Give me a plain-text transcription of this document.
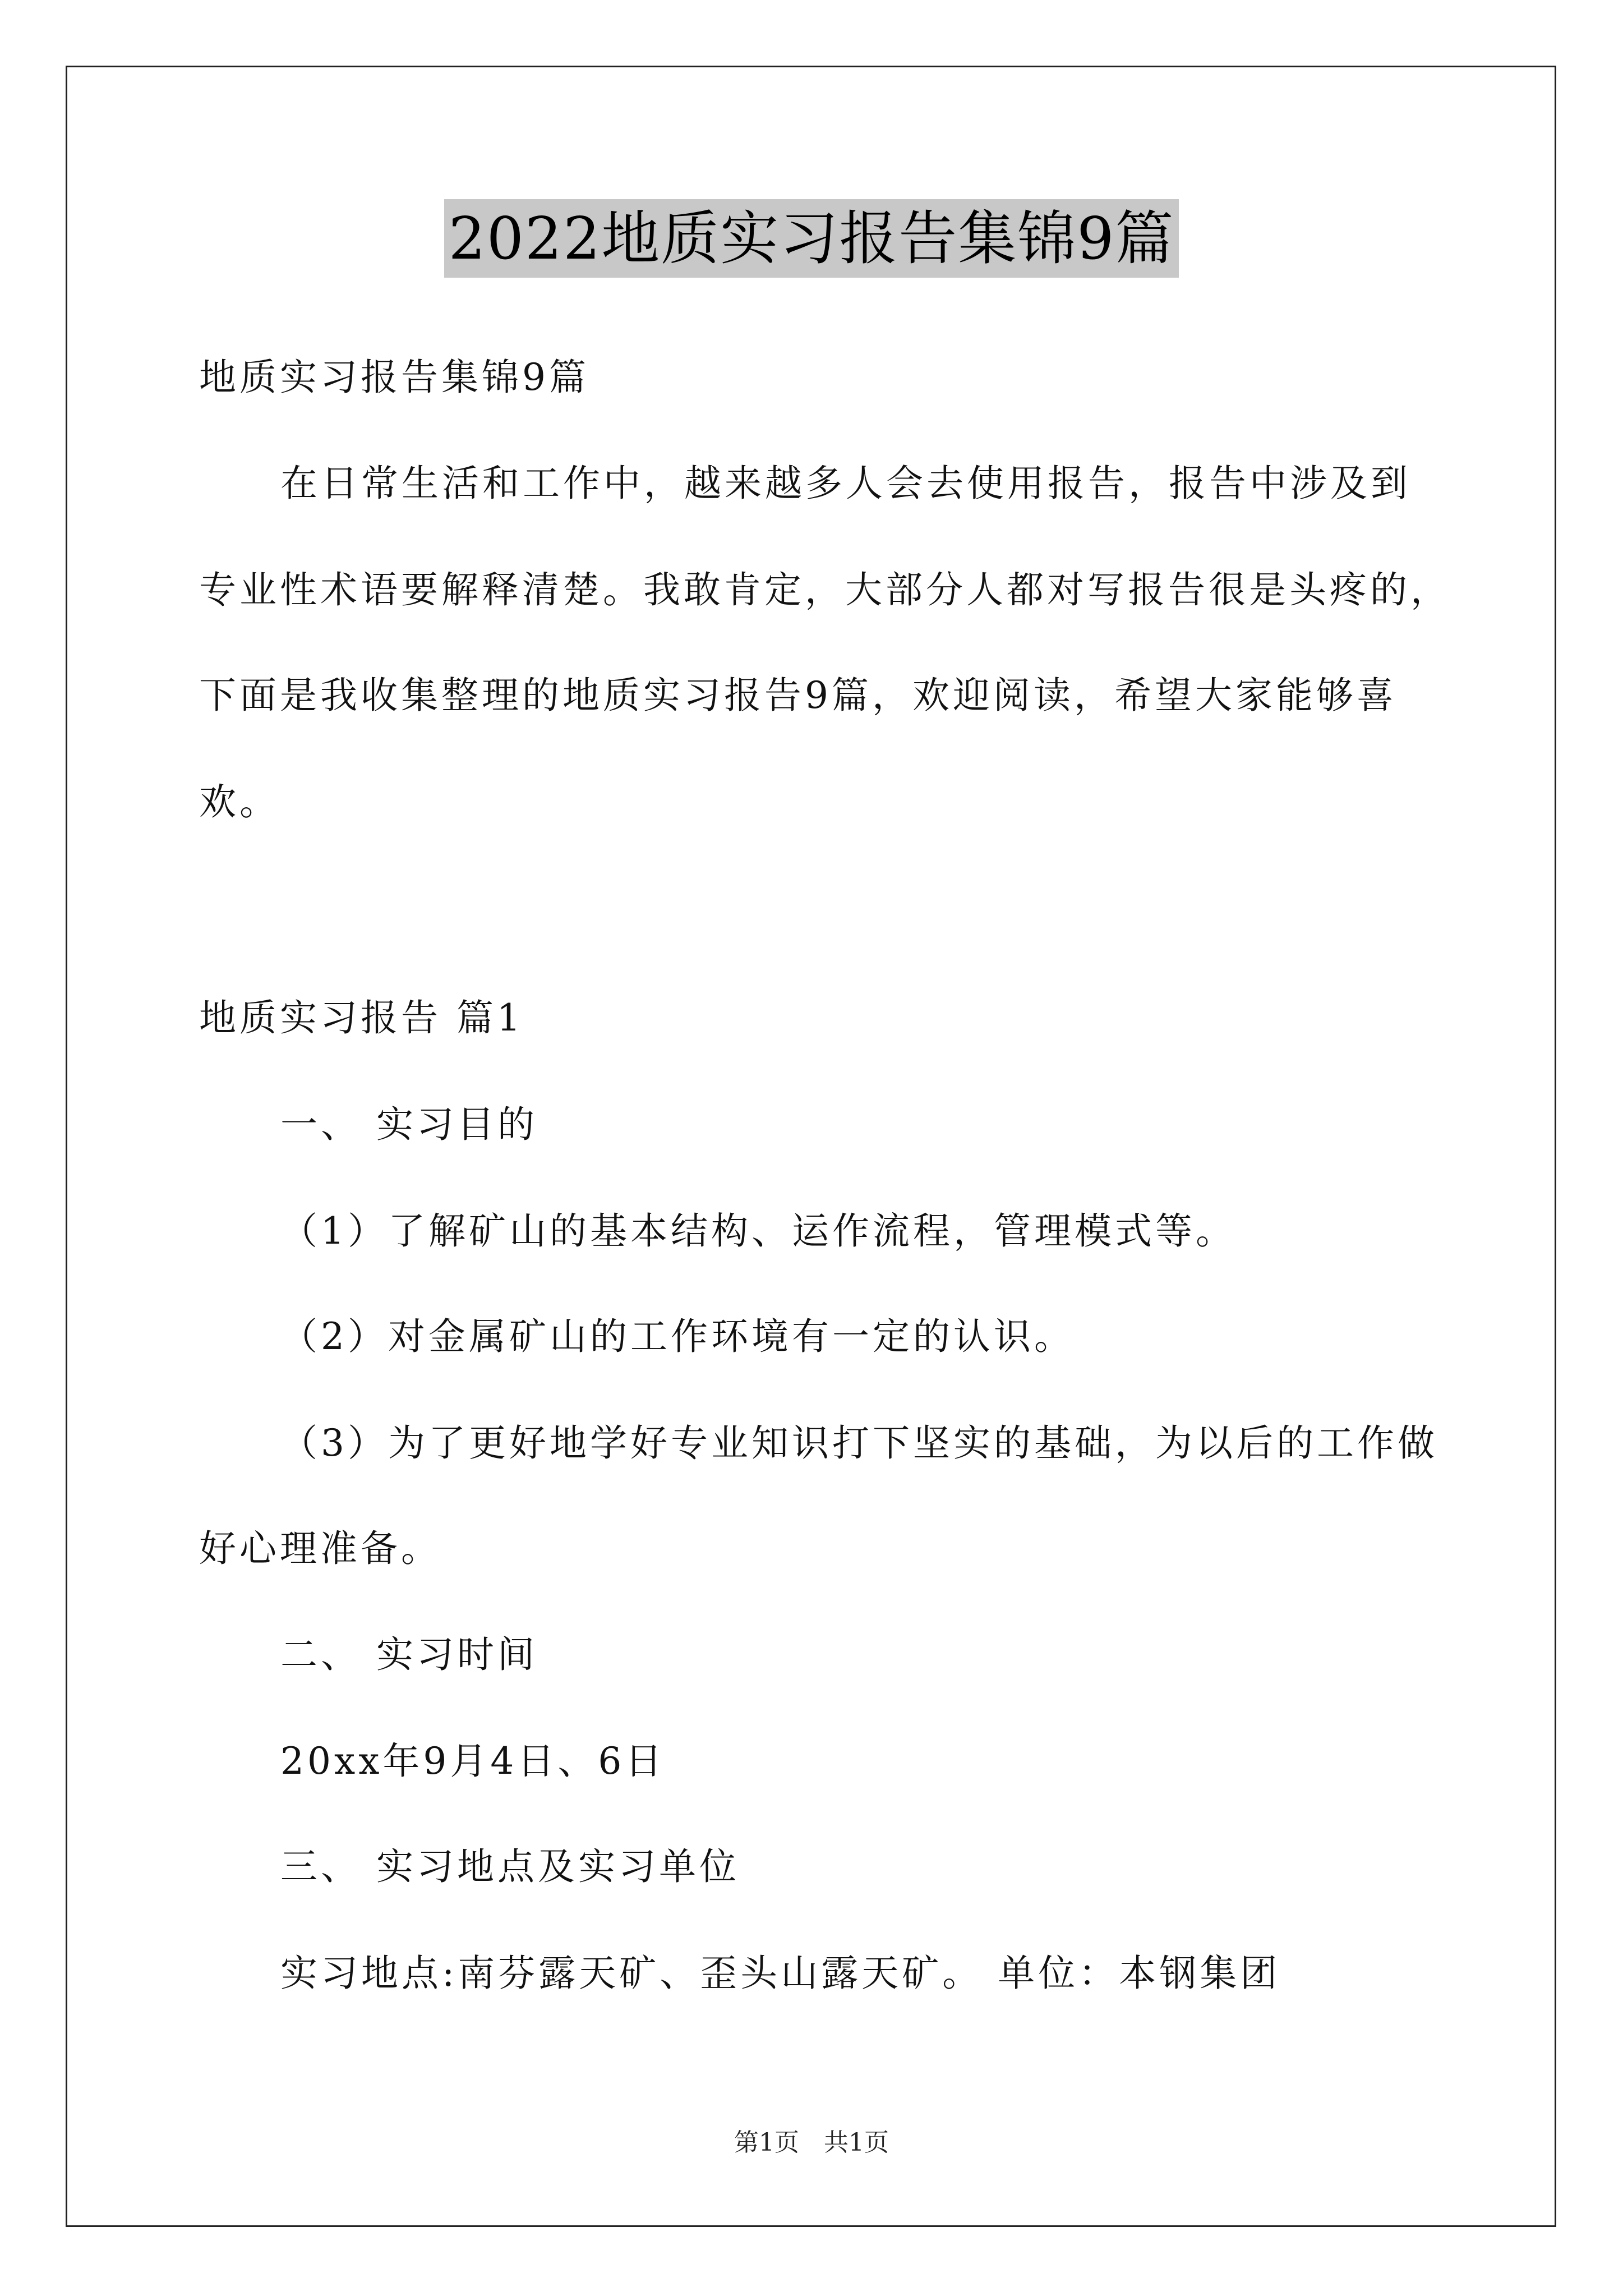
2022地质实习报告集锦9篇
地质实习报告集锦9篇
在日常生活和工作中，越来越多人会去使用报告，报告中涉及到
专业性术语要解释清楚。我敢肯定，大部分人都对写报告很是头疼的，
下面是我收集整理的地质实习报告9篇，欢迎阅读，希望大家能够喜
欢。
地质实习报告 篇1
一、 实习目的
（1）了解矿山的基本结构、运作流程，管理模式等。
（2）对金属矿山的工作环境有一定的认识。
（3）为了更好地学好专业知识打下坚实的基础，为以后的工作做
好心理准备。
二、 实习时间
20xx年9月4日、6日
三、 实习地点及实习单位
实习地点:南芬露天矿、歪头山露天矿。 单位：本钢集团
第1页　共1页
